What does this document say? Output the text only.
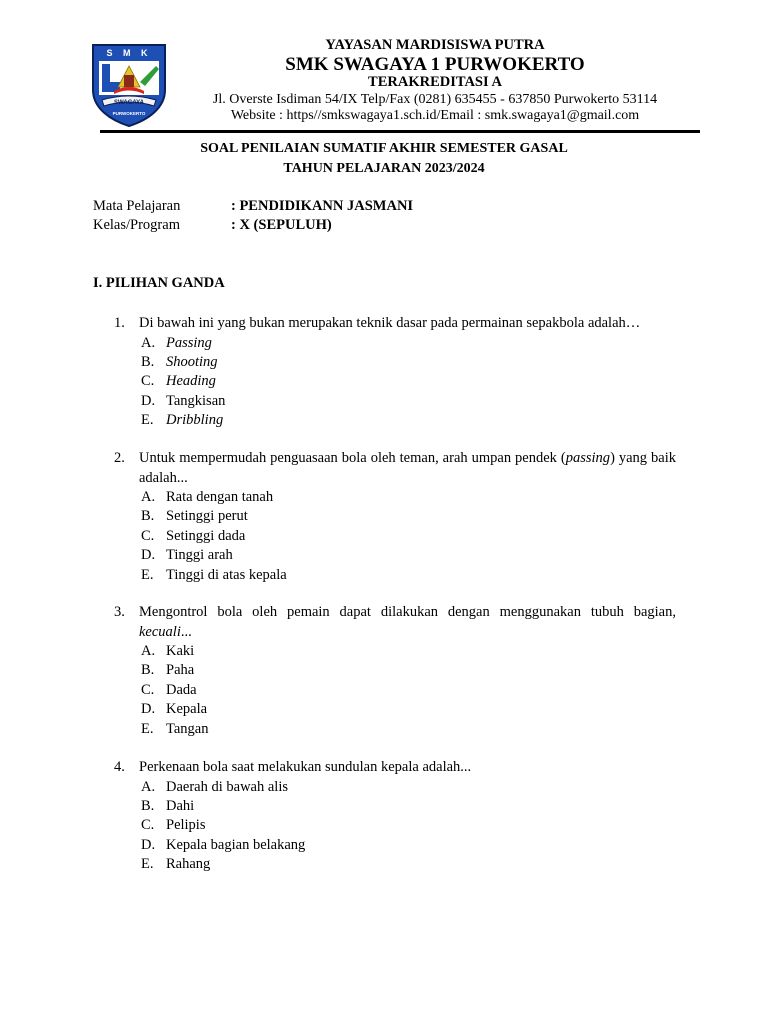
S M K
SWAGAYA
PURWOKERTO
YAYASAN MARDISISWA PUTRA
SMK SWAGAYA 1 PURWOKERTO
TERAKREDITASI A
Jl. Overste Isdiman 54/IX Telp/Fax (0281) 635455 - 637850 Purwokerto 53114
Website : https//smkswagaya1.sch.id/Email : smk.swagaya1@gmail.com
SOAL PENILAIAN SUMATIF AKHIR SEMESTER GASAL
TAHUN PELAJARAN 2023/2024
Mata Pelajaran	: PENDIDIKANN JASMANI
Kelas/Program	: X (SEPULUH)
I. PILIHAN GANDA
1. Di bawah ini yang bukan merupakan teknik dasar pada permainan sepakbola adalah…
A. Passing
B. Shooting
C. Heading
D. Tangkisan
E. Dribbling
2. Untuk mempermudah penguasaan bola oleh teman, arah umpan pendek (passing) yang baik adalah...
A. Rata dengan tanah
B. Setinggi perut
C. Setinggi dada
D. Tinggi arah
E. Tinggi di atas kepala
3. Mengontrol bola oleh pemain dapat dilakukan dengan menggunakan tubuh bagian, kecuali...
A. Kaki
B. Paha
C. Dada
D. Kepala
E. Tangan
4. Perkenaan bola saat melakukan sundulan kepala adalah...
A. Daerah di bawah alis
B. Dahi
C. Pelipis
D. Kepala bagian belakang
E. Rahang
